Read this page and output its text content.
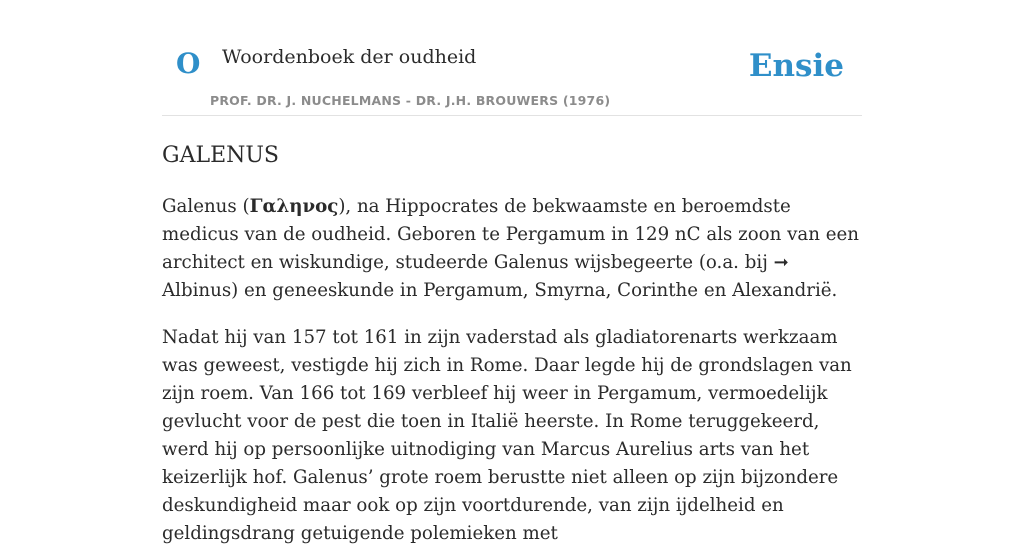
O Woordenboek der oudheid	Ensie
PROF. DR. J. NUCHELMANS - DR. J.H. BROUWERS (1976)
GALENUS

Galenus (Γαληνος), na Hippocrates de bekwaamste en beroemdste medicus van de oudheid. Geboren te Pergamum in 129 nC als zoon van een architect en wiskundige, studeerde Galenus wijsbegeerte (o.a. bij ➞ Albinus) en geneeskunde in Pergamum, Smyrna, Corinthe en Alexandrië.

Nadat hij van 157 tot 161 in zijn vaderstad als gladiatorenarts werkzaam was geweest, vestigde hij zich in Rome. Daar legde hij de grondslagen van zijn roem. Van 166 tot 169 verbleef hij weer in Pergamum, vermoedelijk gevlucht voor de pest die toen in Italië heerste. In Rome teruggekeerd, werd hij op persoonlijke uitnodiging van Marcus Aurelius arts van het keizerlijk hof. Galenus’ grote roem berustte niet alleen op zijn bijzondere deskundigheid maar ook op zijn voortdurende, van zijn ijdelheid en geldingsdrang getuigende polemieken met
